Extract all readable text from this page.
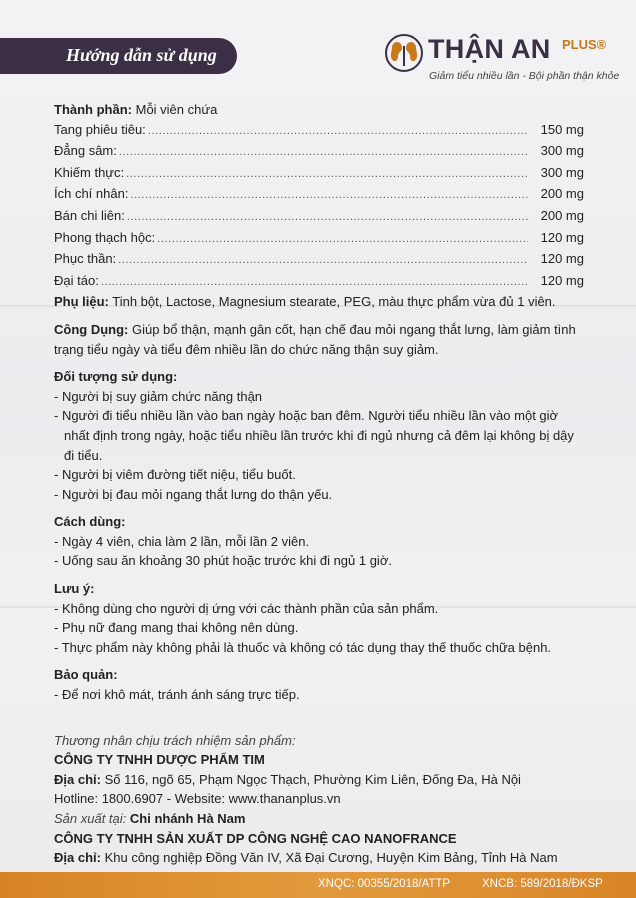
Hướng dẫn sử dụng	THẬN AN PLUS®
Giảm tiểu nhiều lần - Bội phần thận khỏe
Thành phần: Mỗi viên chứa
Tang phiêu tiêu: .....	150 mg
Đẳng sâm: .....	300 mg
Khiếm thực: .....	300 mg
Ích chí nhân: .....	200 mg
Bán chi liên: .....	200 mg
Phong thạch hộc: .....	120 mg
Phục thần: .....	120 mg
Đại táo: .....	120 mg
Phụ liệu: Tinh bột, Lactose, Magnesium stearate, PEG, màu thực phẩm vừa đủ 1 viên.
Công Dụng: Giúp bổ thận, mạnh gân cốt, hạn chế đau mỏi ngang thắt lưng, làm giảm tình trạng tiểu ngày và tiểu đêm nhiều lần do chức năng thận suy giảm.
Đối tượng sử dụng:
- Người bị suy giảm chức năng thận
- Người đi tiểu nhiều lần vào ban ngày hoặc ban đêm. Người tiểu nhiều lần vào một giờ nhất định trong ngày, hoặc tiểu nhiều lần trước khi đi ngủ nhưng cả đêm lại không bị dậy đi tiểu.
- Người bị viêm đường tiết niệu, tiểu buốt.
- Người bị đau mỏi ngang thắt lưng do thận yếu.
Cách dùng:
- Ngày 4 viên, chia làm 2 lần, mỗi lần 2 viên.
- Uống sau ăn khoảng 30 phút hoặc trước khi đi ngủ 1 giờ.
Lưu ý:
- Không dùng cho người dị ứng với các thành phần của sản phẩm.
- Phụ nữ đang mang thai không nên dùng.
- Thực phẩm này không phải là thuốc và không có tác dụng thay thế thuốc chữa bệnh.
Bảo quản:
- Để nơi khô mát, tránh ánh sáng trực tiếp.
Thương nhân chịu trách nhiệm sản phẩm:
CÔNG TY TNHH DƯỢC PHẨM TIM
Địa chỉ: Số 116, ngõ 65, Phạm Ngọc Thạch, Phường Kim Liên, Đống Đa, Hà Nội
Hotline: 1800.6907 - Website: www.thananplus.vn
Sản xuất tại: Chi nhánh Hà Nam
CÔNG TY TNHH SẢN XUẤT DP CÔNG NGHỆ CAO NANOFRANCE
Địa chỉ: Khu công nghiệp Đồng Văn IV, Xã Đại Cương, Huyện Kim Bảng, Tỉnh Hà Nam
XNQC: 00355/2018/ATTP	XNCB: 589/2018/ĐKSP
